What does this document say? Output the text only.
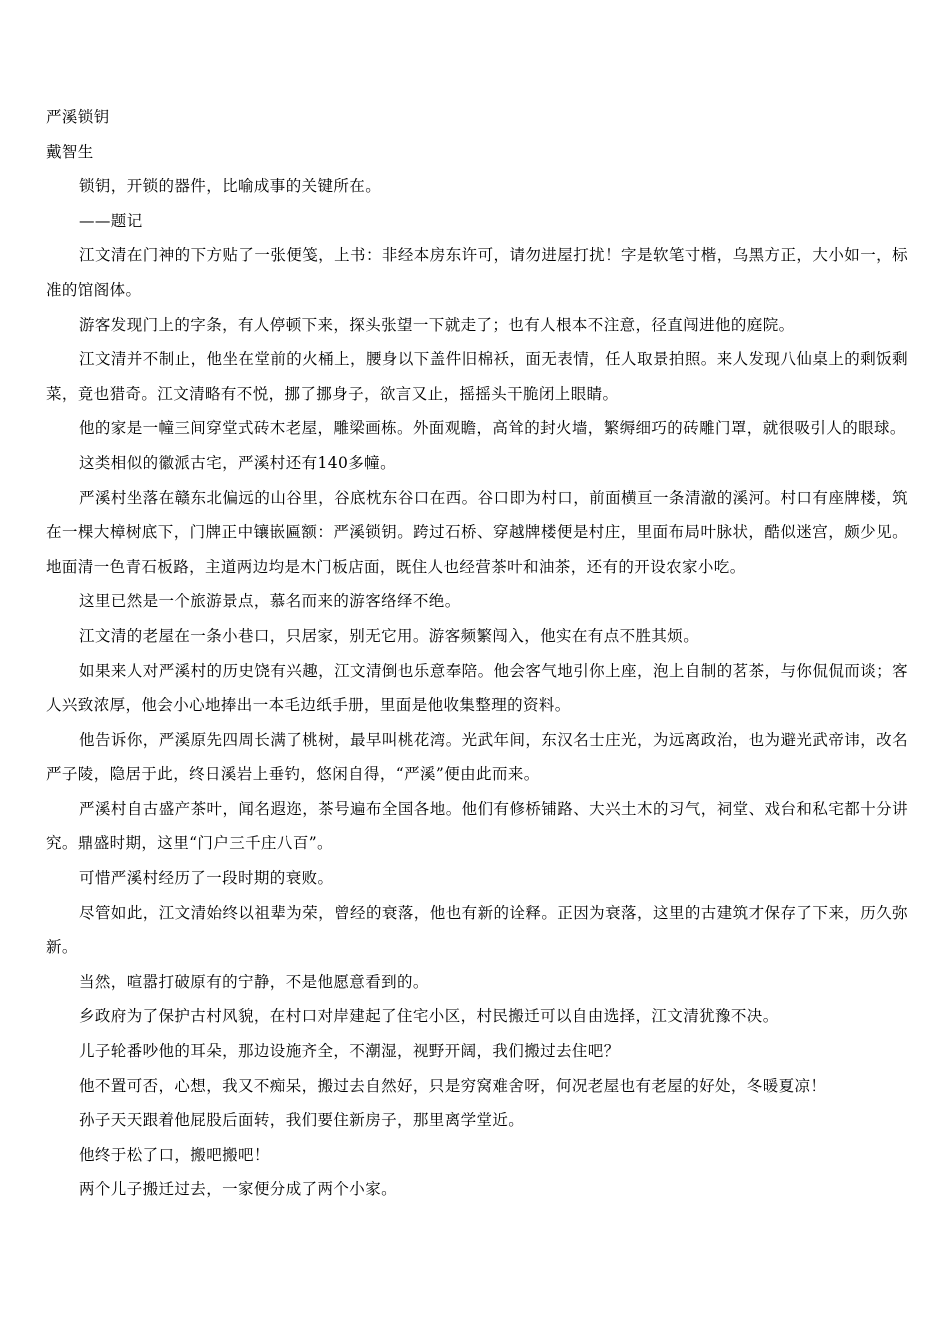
严溪锁钥

戴智生

锁钥，开锁的器件，比喻成事的关键所在。

——题记

江文清在门神的下方贴了一张便笺，上书：非经本房东许可，请勿进屋打扰！字是软笔寸楷，乌黑方正，大小如一，标准的馆阁体。

游客发现门上的字条，有人停顿下来，探头张望一下就走了；也有人根本不注意，径直闯进他的庭院。

江文清并不制止，他坐在堂前的火桶上，腰身以下盖件旧棉袄，面无表情，任人取景拍照。来人发现八仙桌上的剩饭剩菜，竟也猎奇。江文清略有不悦，挪了挪身子，欲言又止，摇摇头干脆闭上眼睛。

他的家是一幢三间穿堂式砖木老屋，雕梁画栋。外面观瞻，高耸的封火墙，繁缛细巧的砖雕门罩，就很吸引人的眼球。

这类相似的徽派古宅，严溪村还有140多幢。

严溪村坐落在赣东北偏远的山谷里，谷底枕东谷口在西。谷口即为村口，前面横亘一条清澈的溪河。村口有座牌楼，筑在一棵大樟树底下，门牌正中镶嵌匾额：严溪锁钥。跨过石桥、穿越牌楼便是村庄，里面布局叶脉状，酷似迷宫，颇少见。地面清一色青石板路，主道两边均是木门板店面，既住人也经营茶叶和油茶，还有的开设农家小吃。

这里已然是一个旅游景点，慕名而来的游客络绎不绝。

江文清的老屋在一条小巷口，只居家，别无它用。游客频繁闯入，他实在有点不胜其烦。

如果来人对严溪村的历史饶有兴趣，江文清倒也乐意奉陪。他会客气地引你上座，泡上自制的茗茶，与你侃侃而谈；客人兴致浓厚，他会小心地捧出一本毛边纸手册，里面是他收集整理的资料。

他告诉你，严溪原先四周长满了桃树，最早叫桃花湾。光武年间，东汉名士庄光，为远离政治，也为避光武帝讳，改名严子陵，隐居于此，终日溪岩上垂钓，悠闲自得，“严溪”便由此而来。

严溪村自古盛产茶叶，闻名遐迩，茶号遍布全国各地。他们有修桥铺路、大兴土木的习气，祠堂、戏台和私宅都十分讲究。鼎盛时期，这里“门户三千庄八百”。

可惜严溪村经历了一段时期的衰败。

尽管如此，江文清始终以祖辈为荣，曾经的衰落，他也有新的诠释。正因为衰落，这里的古建筑才保存了下来，历久弥新。

当然，喧嚣打破原有的宁静，不是他愿意看到的。

乡政府为了保护古村风貌，在村口对岸建起了住宅小区，村民搬迁可以自由选择，江文清犹豫不决。

儿子轮番吵他的耳朵，那边设施齐全，不潮湿，视野开阔，我们搬过去住吧？

他不置可否，心想，我又不痴呆，搬过去自然好，只是穷窝难舍呀，何况老屋也有老屋的好处，冬暖夏凉！

孙子天天跟着他屁股后面转，我们要住新房子，那里离学堂近。

他终于松了口，搬吧搬吧！

两个儿子搬迁过去，一家便分成了两个小家。
